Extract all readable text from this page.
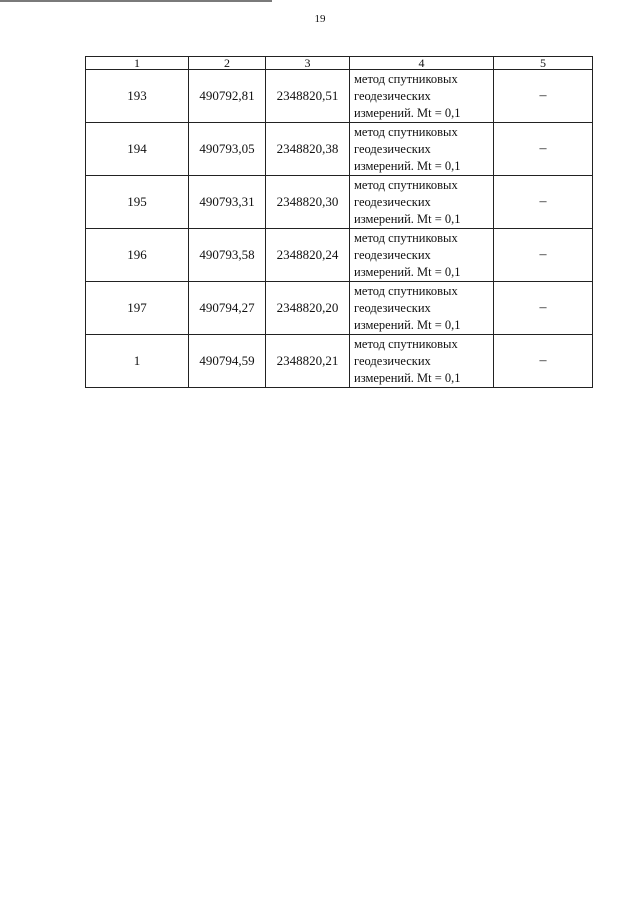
19
1	2	3	4	5
193	490792,81	2348820,51	метод спутниковых
геодезических
измерений. Mt = 0,1	–
194	490793,05	2348820,38	метод спутниковых
геодезических
измерений. Mt = 0,1	–
195	490793,31	2348820,30	метод спутниковых
геодезических
измерений. Mt = 0,1	–
196	490793,58	2348820,24	метод спутниковых
геодезических
измерений. Mt = 0,1	–
197	490794,27	2348820,20	метод спутниковых
геодезических
измерений. Mt = 0,1	–
1	490794,59	2348820,21	метод спутниковых
геодезических
измерений. Mt = 0,1	–
